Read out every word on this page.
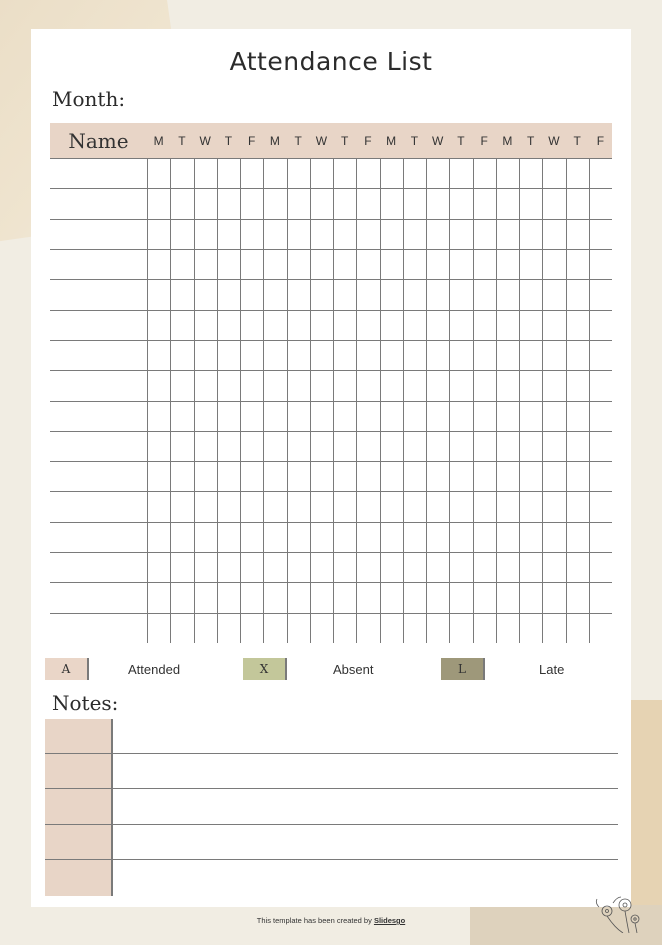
Attendance List
Month:
Name	M	T	W	T	F	M	T	W	T	F	M	T	W	T	F	M	T	W	T	F
A	Attended	X	Absent	L	Late
Notes:
This template has been created by Slidesgo
